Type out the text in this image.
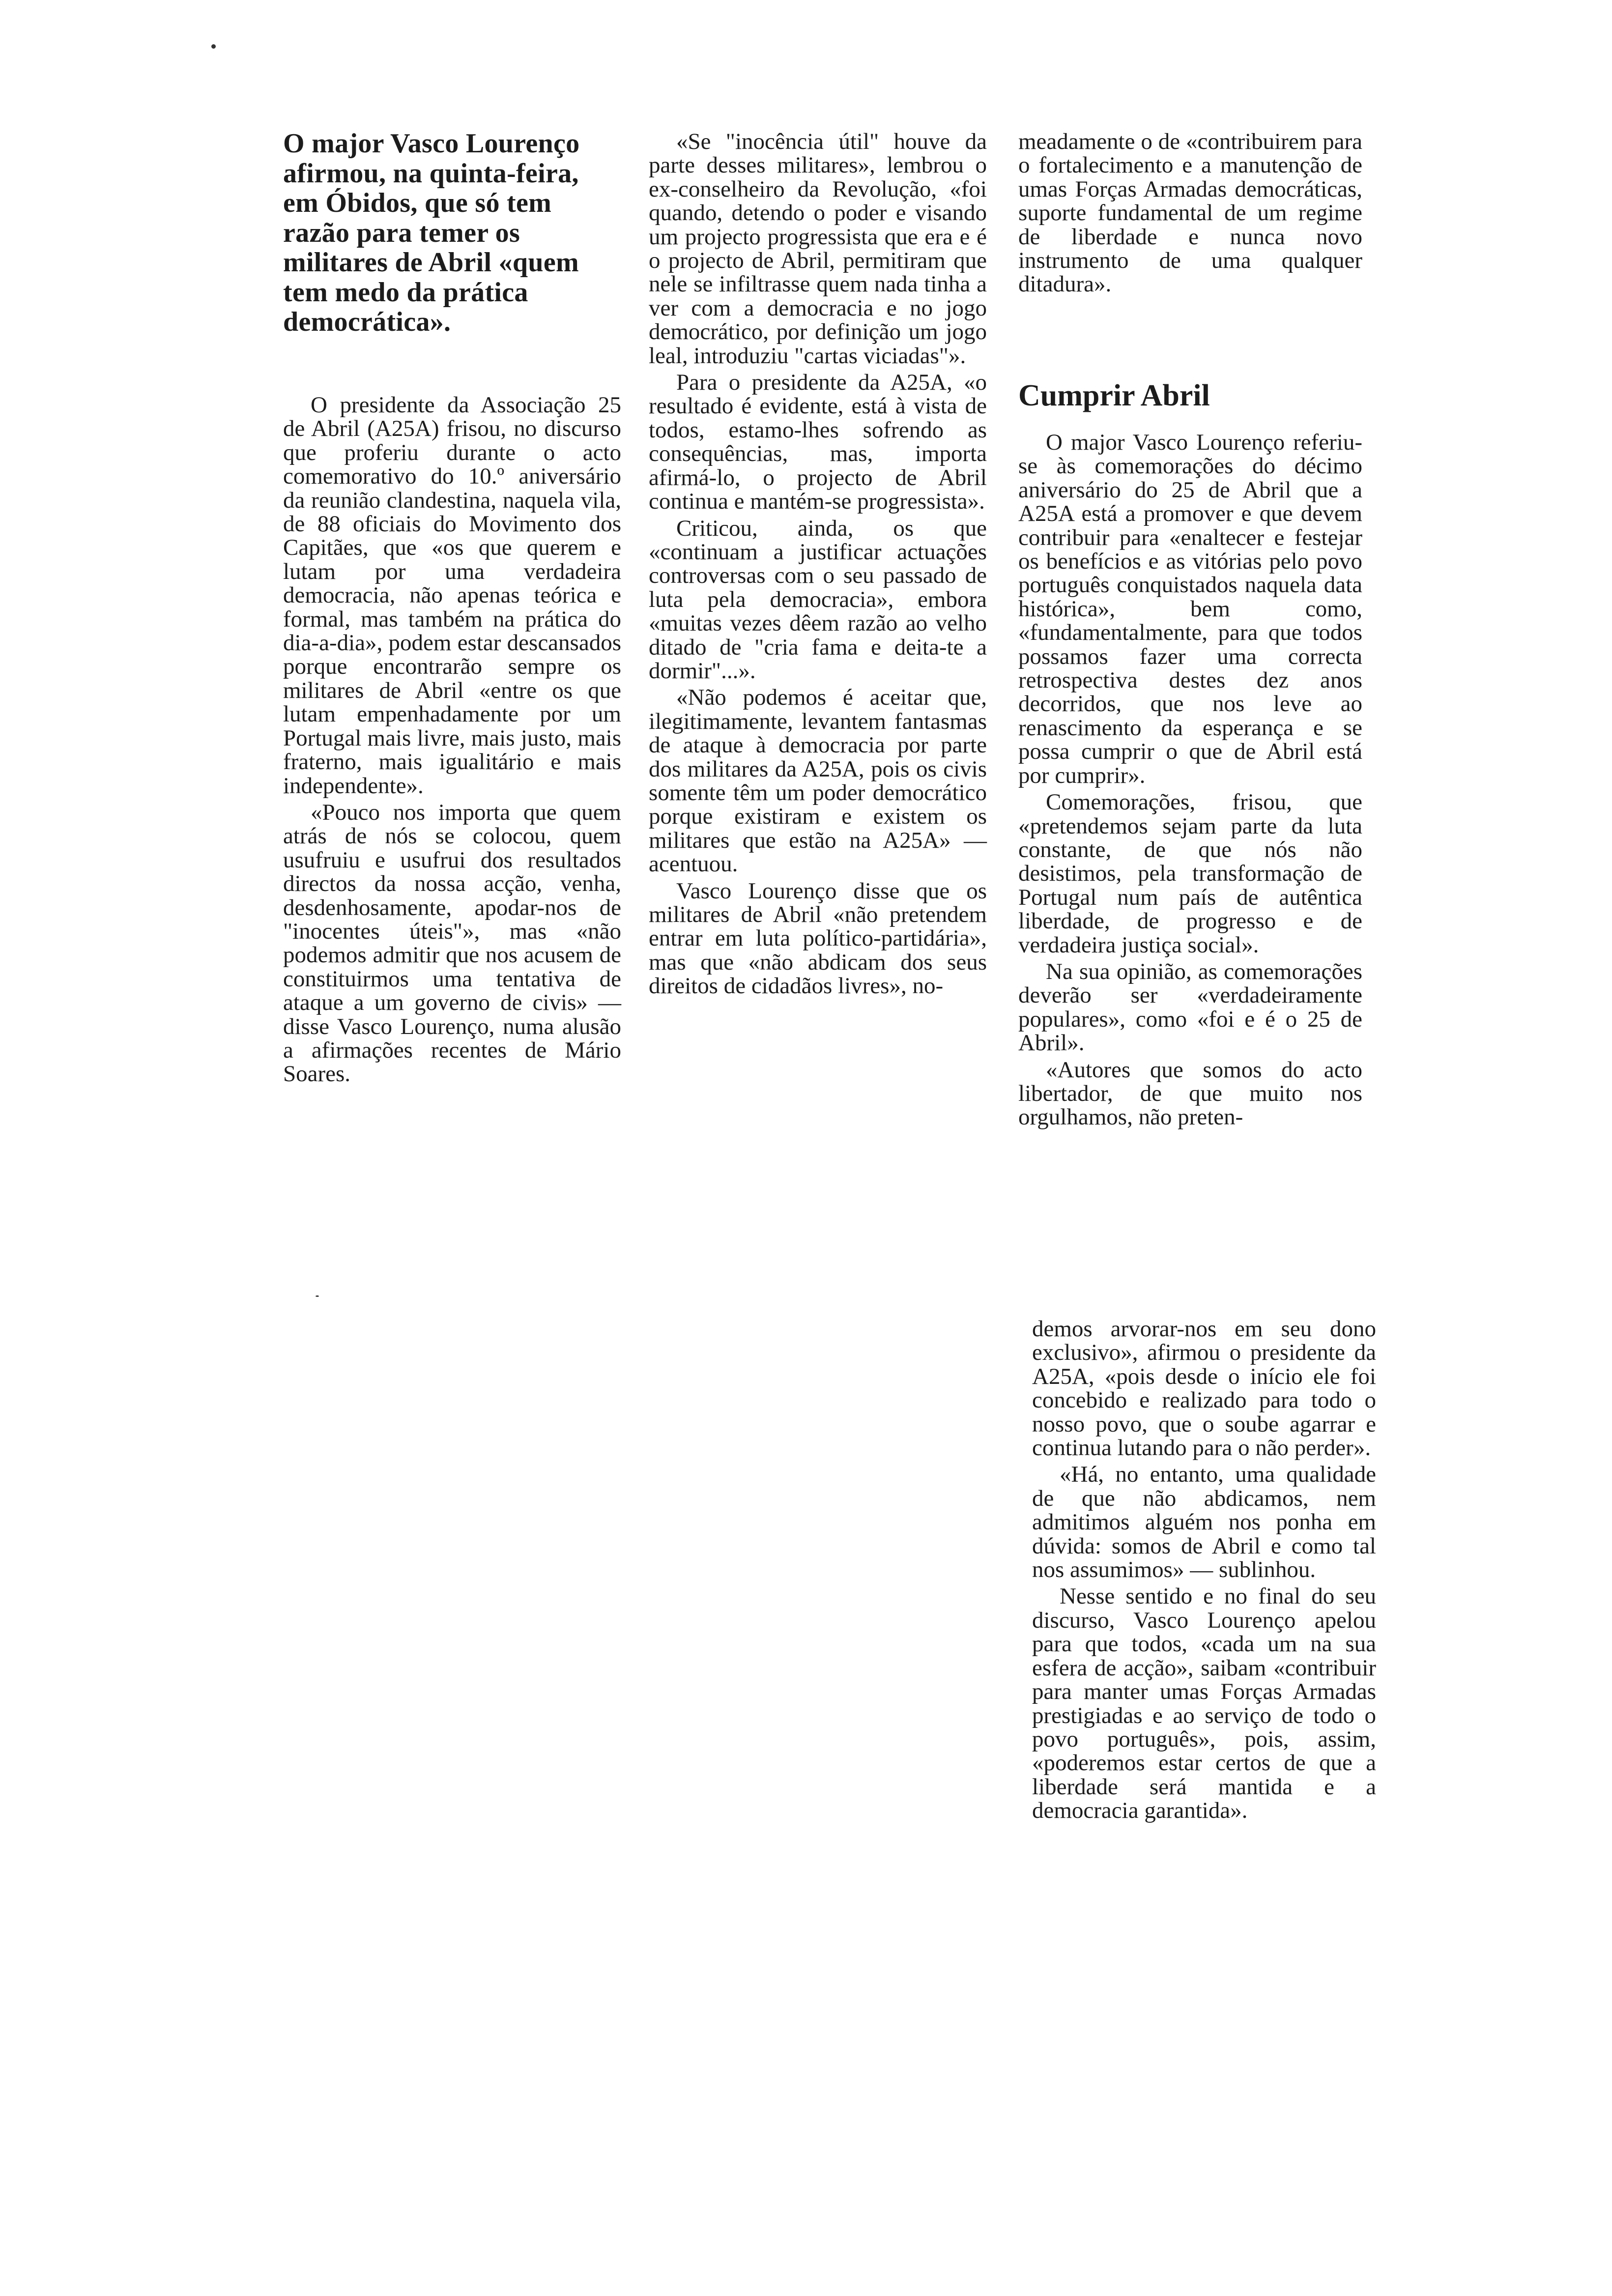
O major Vasco Lourenço afirmou, na quinta-feira, em Óbidos, que só tem razão para temer os militares de Abril «quem tem medo da prática democrática».

O presidente da Associação 25 de Abril (A25A) frisou, no discurso que proferiu durante o acto comemorativo do 10.º aniversário da reunião clandestina, naquela vila, de 88 oficiais do Movimento dos Capitães, que «os que querem e lutam por uma verdadeira democracia, não apenas teórica e formal, mas também na prática do dia-a-dia», podem estar descansados porque encontrarão sempre os militares de Abril «entre os que lutam empenhadamente por um Portugal mais livre, mais justo, mais fraterno, mais igualitário e mais independente».

«Pouco nos importa que quem atrás de nós se colocou, quem usufruiu e usufrui dos resultados directos da nossa acção, venha, desdenhosamente, apodar-nos de "inocentes úteis"», mas «não podemos admitir que nos acusem de constituirmos uma tentativa de ataque a um governo de civis» — disse Vasco Lourenço, numa alusão a afirmações recentes de Mário Soares.

«Se "inocência útil" houve da parte desses militares», lembrou o ex-conselheiro da Revolução, «foi quando, detendo o poder e visando um projecto progressista que era e é o projecto de Abril, permitiram que nele se infiltrasse quem nada tinha a ver com a democracia e no jogo democrático, por definição um jogo leal, introduziu "cartas viciadas"».

Para o presidente da A25A, «o resultado é evidente, está à vista de todos, estamo-lhes sofrendo as consequências, mas, importa afirmá-lo, o projecto de Abril continua e mantém-se progressista».

Criticou, ainda, os que «continuam a justificar actuações controversas com o seu passado de luta pela democracia», embora «muitas vezes dêem razão ao velho ditado de "cria fama e deita-te a dormir"...».

«Não podemos é aceitar que, ilegitimamente, levantem fantasmas de ataque à democracia por parte dos militares da A25A, pois os civis somente têm um poder democrático porque existiram e existem os militares que estão na A25A» — acentuou.

Vasco Lourenço disse que os militares de Abril «não pretendem entrar em luta político-partidária», mas que «não abdicam dos seus direitos de cidadãos livres», no-

meadamente o de «contribuirem para o fortalecimento e a manutenção de umas Forças Armadas democráticas, suporte fundamental de um regime de liberdade e nunca novo instrumento de uma qualquer ditadura».

Cumprir Abril

O major Vasco Lourenço referiu-se às comemorações do décimo aniversário do 25 de Abril que a A25A está a promover e que devem contribuir para «enaltecer e festejar os benefícios e as vitórias pelo povo português conquistados naquela data histórica», bem como, «fundamentalmente, para que todos possamos fazer uma correcta retrospectiva destes dez anos decorridos, que nos leve ao renascimento da esperança e se possa cumprir o que de Abril está por cumprir».

Comemorações, frisou, que «pretendemos sejam parte da luta constante, de que nós não desistimos, pela transformação de Portugal num país de autêntica liberdade, de progresso e de verdadeira justiça social».

Na sua opinião, as comemorações deverão ser «verdadeiramente populares», como «foi e é o 25 de Abril».

«Autores que somos do acto libertador, de que muito nos orgulhamos, não preten-

demos arvorar-nos em seu dono exclusivo», afirmou o presidente da A25A, «pois desde o início ele foi concebido e realizado para todo o nosso povo, que o soube agarrar e continua lutando para o não perder».

«Há, no entanto, uma qualidade de que não abdicamos, nem admitimos alguém nos ponha em dúvida: somos de Abril e como tal nos assumimos» — sublinhou.

Nesse sentido e no final do seu discurso, Vasco Lourenço apelou para que todos, «cada um na sua esfera de acção», saibam «contribuir para manter umas Forças Armadas prestigiadas e ao serviço de todo o povo português», pois, assim, «poderemos estar certos de que a liberdade será mantida e a democracia garantida».
